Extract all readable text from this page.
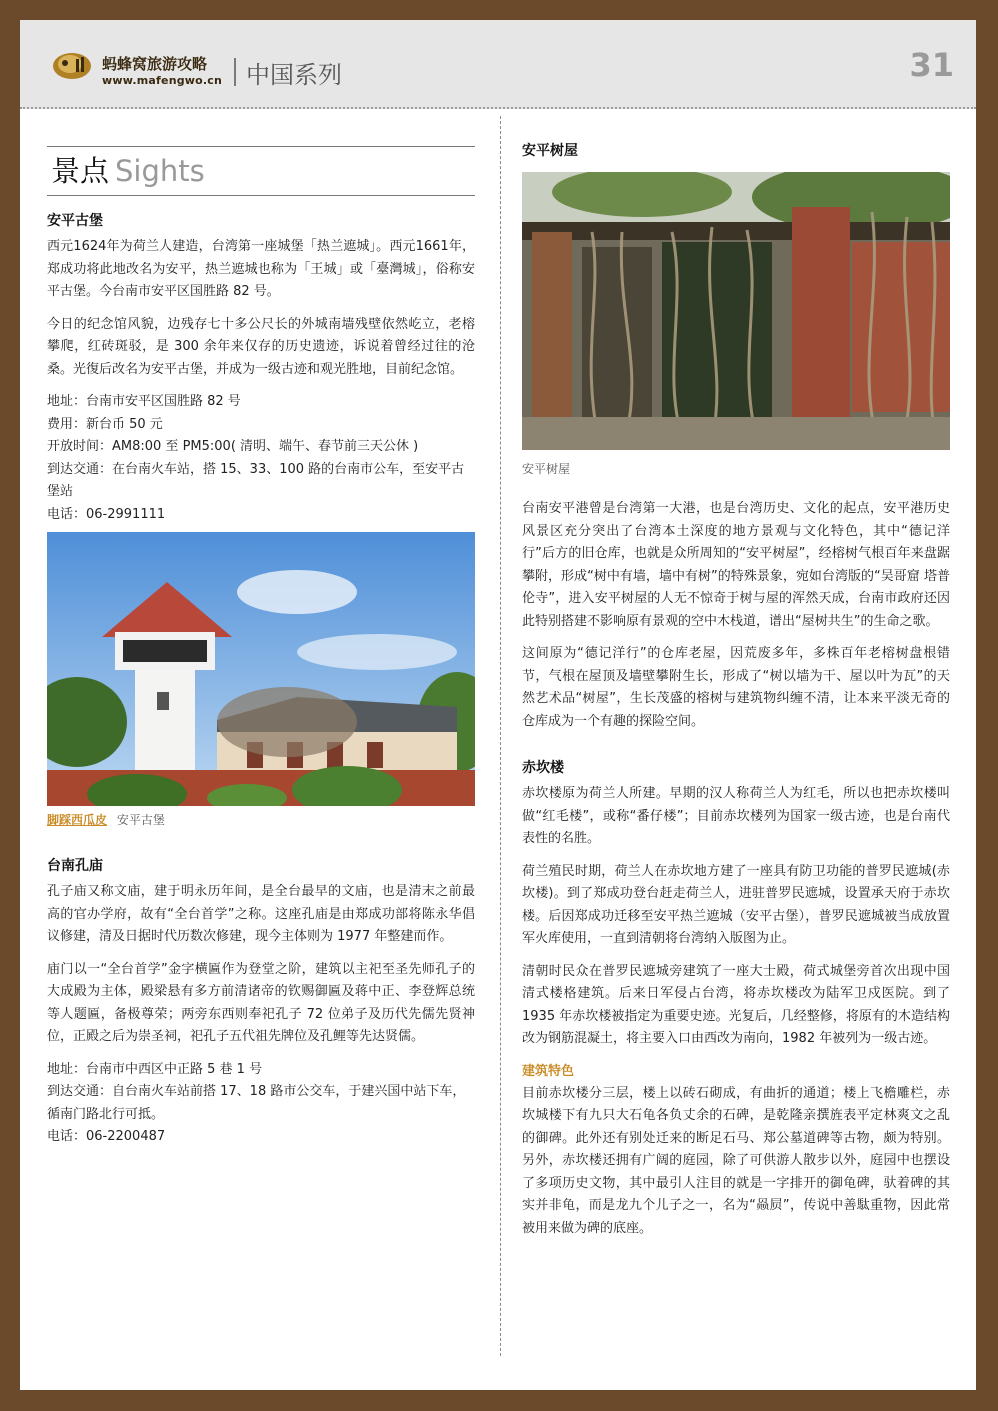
蚂蜂窝旅游攻略
www.mafengwo.cn 中国系列	31
景点 Sights
安平古堡

西元1624年为荷兰人建造，台湾第一座城堡「热兰遮城」。西元1661年，郑成功将此地改名为安平，热兰遮城也称为「王城」或「臺灣城」，俗称安平古堡。今台南市安平区国胜路 82 号。

今日的纪念馆风貌，边残存七十多公尺长的外城南墙残壁依然屹立，老榕攀爬，红砖斑驳，是 300 余年来仅存的历史遗迹，诉说着曾经过往的沧桑。光復后改名为安平古堡，并成为一级古迹和观光胜地，目前纪念馆。

地址：台南市安平区国胜路 82 号
费用：新台币 50 元
开放时间：AM8:00 至 PM5:00( 清明、端午、春节前三天公休 )
到达交通：在台南火车站，搭 15、33、100 路的台南市公车，至安平古堡站
电话：06-2991111
脚踩西瓜皮 安平古堡
台南孔庙

孔子庙又称文庙，建于明永历年间，是全台最早的文庙，也是清末之前最高的官办学府，故有“全台首学”之称。这座孔庙是由郑成功部将陈永华倡议修建，清及日据时代历数次修建，现今主体则为 1977 年整建而作。

庙门以一“全台首学”金字横匾作为登堂之阶，建筑以主祀至圣先师孔子的大成殿为主体，殿梁悬有多方前清诸帝的钦赐御匾及蒋中正、李登辉总统等人题匾，备极尊荣；两旁东西则奉祀孔子 72 位弟子及历代先儒先贤神位，正殿之后为崇圣祠，祀孔子五代祖先牌位及孔鲤等先达贤儒。

地址：台南市中西区中正路 5 巷 1 号
到达交通：自台南火车站前搭 17、18 路市公交车，于建兴国中站下车，循南门路北行可抵。
电话：06-2200487
安平树屋
安平树屋

台南安平港曾是台湾第一大港，也是台湾历史、文化的起点，安平港历史风景区充分突出了台湾本土深度的地方景观与文化特色，其中“德记洋行”后方的旧仓库，也就是众所周知的“安平树屋”，经榕树气根百年来盘踞攀附，形成“树中有墙，墙中有树”的特殊景象，宛如台湾版的“吴哥窟 塔普伦寺”，进入安平树屋的人无不惊奇于树与屋的浑然天成，台南市政府还因此特别搭建不影响原有景观的空中木栈道，谱出“屋树共生”的生命之歌。

这间原为“德记洋行”的仓库老屋，因荒废多年，多株百年老榕树盘根错节，气根在屋顶及墙壁攀附生长，形成了“树以墙为干、屋以叶为瓦”的天然艺术品“树屋”，生长茂盛的榕树与建筑物纠缠不清，让本来平淡无奇的仓库成为一个有趣的探险空间。

赤坎楼

赤坎楼原为荷兰人所建。早期的汉人称荷兰人为红毛，所以也把赤坎楼叫做“红毛楼”，或称“番仔楼”；目前赤坎楼列为国家一级古迹，也是台南代表性的名胜。

荷兰殖民时期，荷兰人在赤坎地方建了一座具有防卫功能的普罗民遮城(赤坎楼)。到了郑成功登台赶走荷兰人，进驻普罗民遮城，设置承天府于赤坎楼。后因郑成功迁移至安平热兰遮城（安平古堡），普罗民遮城被当成放置军火库使用，一直到清朝将台湾纳入版图为止。

清朝时民众在普罗民遮城旁建筑了一座大士殿，荷式城堡旁首次出现中国清式楼格建筑。后来日军侵占台湾，将赤坎楼改为陆军卫戍医院。到了 1935 年赤坎楼被指定为重要史迹。光复后，几经整修，将原有的木造结构改为钢筋混凝土，将主要入口由西改为南向，1982 年被列为一级古迹。

建筑特色

目前赤坎楼分三层，楼上以砖石砌成，有曲折的通道；楼上飞檐雕栏，赤坎城楼下有九只大石龟各负丈余的石碑，是乾隆亲撰旌表平定林爽文之乱的御碑。此外还有别处迁来的断足石马、郑公墓道碑等古物，颇为特别。 另外，赤坎楼还拥有广阔的庭园，除了可供游人散步以外，庭园中也摆设了多项历史文物，其中最引人注目的就是一字排开的御龟碑，驮着碑的其实并非龟，而是龙九个儿子之一，名为“赑屃”，传说中善駄重物，因此常被用来做为碑的底座。
